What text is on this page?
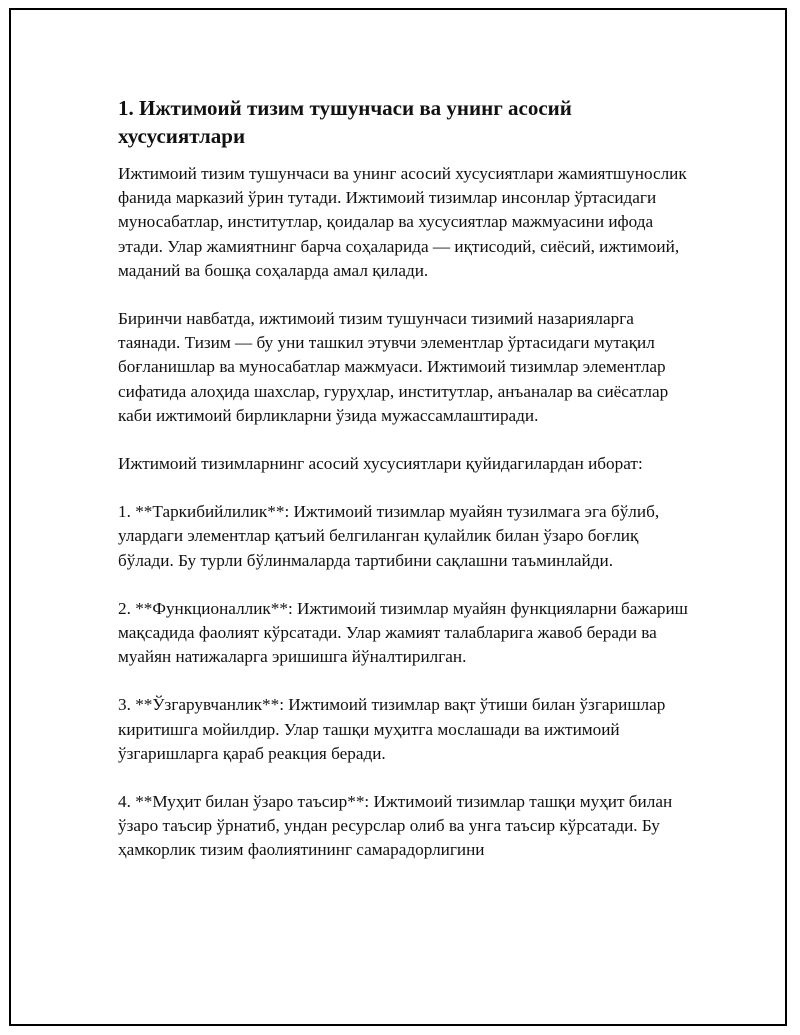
1. Ижтимоий тизим тушунчаси ва унинг асосий хусусиятлари

Ижтимоий тизим тушунчаси ва унинг асосий хусусиятлари жамиятшунослик фанида марказий ўрин тутади. Ижтимоий тизимлар инсонлар ўртасидаги муносабатлар, институтлар, қоидалар ва хусусиятлар мажмуасини ифода этади. Улар жамиятнинг барча соҳаларида — иқтисодий, сиёсий, ижтимоий, маданий ва бошқа соҳаларда амал қилади.

Биринчи навбатда, ижтимоий тизим тушунчаси тизимий назарияларга таянади. Тизим — бу уни ташкил этувчи элементлар ўртасидаги мутақил боғланишлар ва муносабатлар мажмуаси. Ижтимоий тизимлар элементлар сифатида алоҳида шахслар, гуруҳлар, институтлар, анъаналар ва сиёсатлар каби ижтимоий бирликларни ўзида мужассамлаштиради.

Ижтимоий тизимларнинг асосий хусусиятлари қуйидагилардан иборат:

1. **Таркибийлилик**: Ижтимоий тизимлар муайян тузилмага эга бўлиб, улардаги элементлар қатъий белгиланган қулайлик билан ўзаро боғлиқ бўлади. Бу турли бўлинмаларда тартибини сақлашни таъминлайди.

2. **Функционаллик**: Ижтимоий тизимлар муайян функцияларни бажариш мақсадида фаолият кўрсатади. Улар жамият талабларига жавоб беради ва муайян натижаларга эришишга йўналтирилган.

3. **Ўзгарувчанлик**: Ижтимоий тизимлар вақт ўтиши билан ўзгаришлар киритишга мойилдир. Улар ташқи муҳитга мослашади ва ижтимоий ўзгаришларга қараб реакция беради.

4. **Муҳит билан ўзаро таъсир**: Ижтимоий тизимлар ташқи муҳит билан ўзаро таъсир ўрнатиб, ундан ресурслар олиб ва унга таъсир кўрсатади. Бу ҳамкорлик тизим фаолиятининг самарадорлигини
